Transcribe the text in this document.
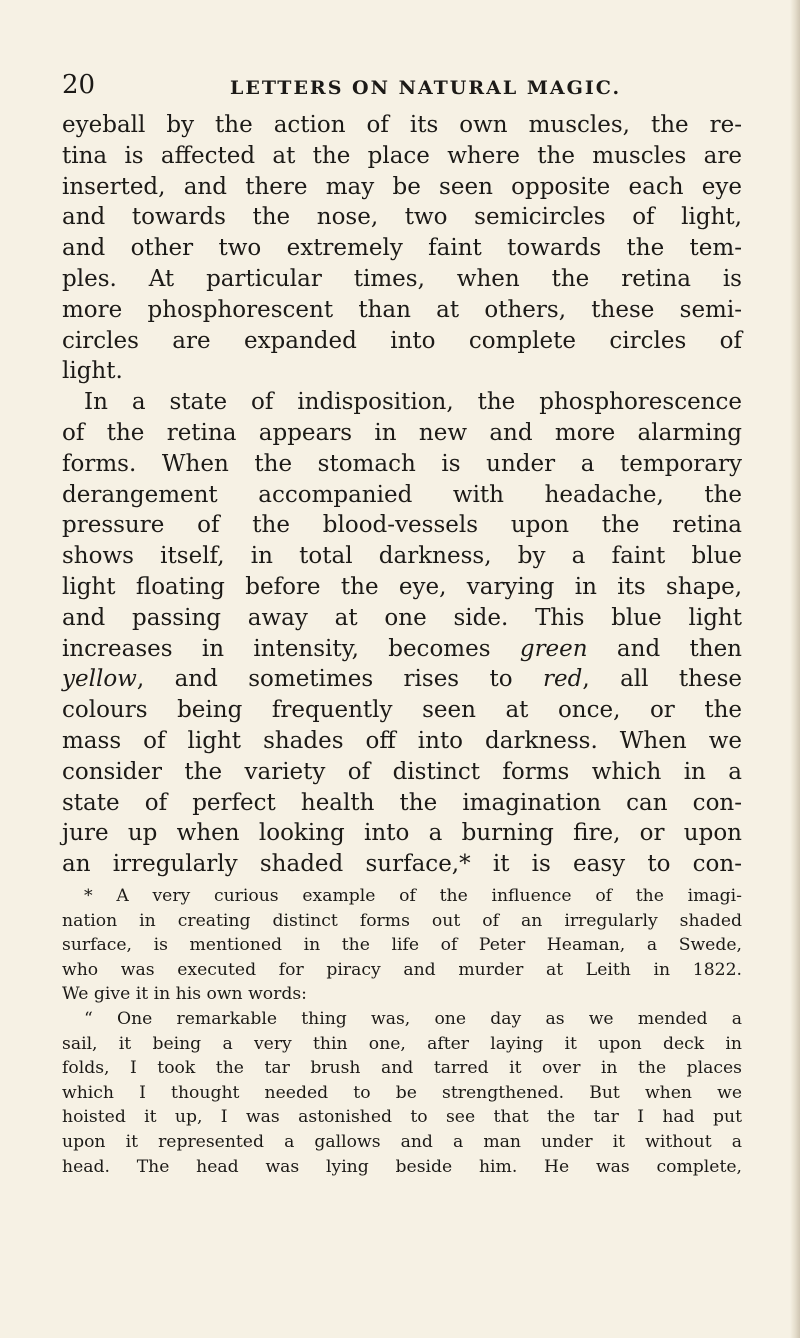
20	LETTERS ON NATURAL MAGIC.
eyeball by the action of its own muscles, the re-
tina is affected at the place where the muscles are
inserted, and there may be seen opposite each eye
and towards the nose, two semicircles of light,
and other two extremely faint towards the tem-
ples. At particular times, when the retina is
more phosphorescent than at others, these semi-
circles are expanded into complete circles of
light.
In a state of indisposition, the phosphorescence
of the retina appears in new and more alarming
forms. When the stomach is under a temporary
derangement accompanied with headache, the
pressure of the blood-vessels upon the retina
shows itself, in total darkness, by a faint blue
light floating before the eye, varying in its shape,
and passing away at one side. This blue light
increases in intensity, becomes green and then
yellow, and sometimes rises to red, all these
colours being frequently seen at once, or the
mass of light shades off into darkness. When we
consider the variety of distinct forms which in a
state of perfect health the imagination can con-
jure up when looking into a burning fire, or upon
an irregularly shaded surface,* it is easy to con-
* A very curious example of the influence of the imagi-
nation in creating distinct forms out of an irregularly shaded
surface, is mentioned in the life of Peter Heaman, a Swede,
who was executed for piracy and murder at Leith in 1822.
We give it in his own words:
“ One remarkable thing was, one day as we mended a
sail, it being a very thin one, after laying it upon deck in
folds, I took the tar brush and tarred it over in the places
which I thought needed to be strengthened. But when we
hoisted it up, I was astonished to see that the tar I had put
upon it represented a gallows and a man under it without a
head. The head was lying beside him. He was complete,
